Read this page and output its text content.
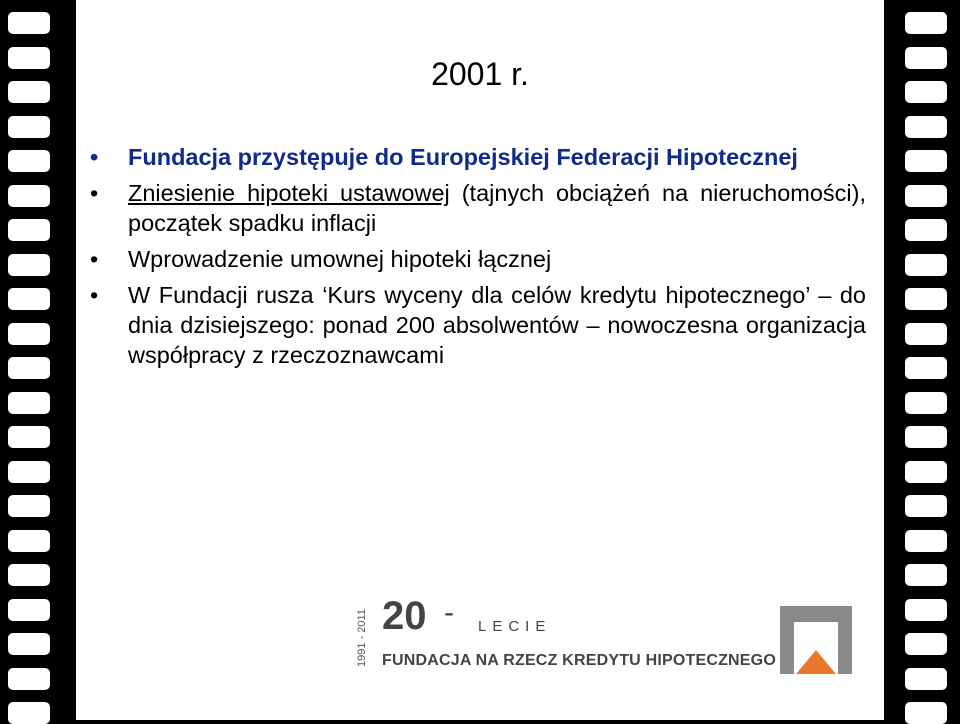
2001 r.
•	Fundacja przystępuje do Europejskiej Federacji Hipotecznej
•	Zniesienie hipoteki ustawowej (tajnych obciążeń na nieruchomości), początek spadku inflacji
•	Wprowadzenie umownej hipoteki łącznej
•	W Fundacji rusza ‘Kurs wyceny dla celów kredytu hipotecznego’ – do dnia dzisiejszego: ponad 200 absolwentów – nowoczesna organizacja współpracy z rzeczoznawcami
1991 - 2011 20 - LECIE
FUNDACJA NA RZECZ KREDYTU HIPOTECZNEGO
